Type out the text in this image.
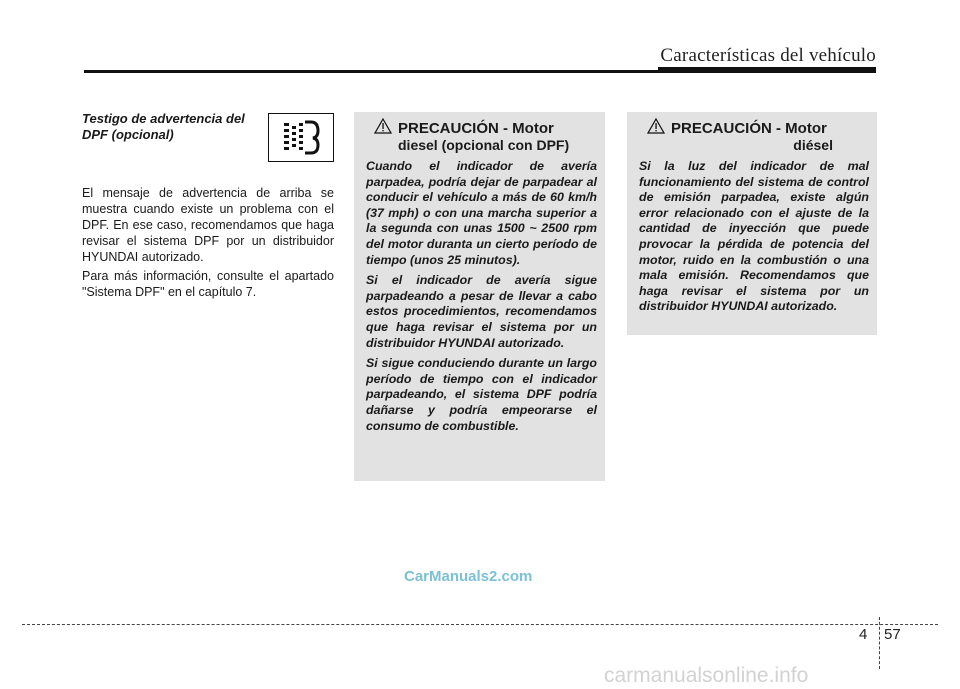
Características del vehículo
Testigo de advertencia del DPF (opcional)

El mensaje de advertencia de arriba se muestra cuando existe un problema con el DPF. En ese caso, recomendamos que haga revisar el sistema DPF por un distribuidor HYUNDAI autorizado.

Para más información, consulte el apartado "Sistema DPF" en el capítulo 7.

PRECAUCIÓN - Motor
diesel (opcional con DPF)

Cuando el indicador de avería parpadea, podría dejar de parpadear al conducir el vehículo a más de 60 km/h (37 mph) o con una marcha superior a la segunda con unas 1500 ~ 2500 rpm del motor duranta un cierto período de tiempo (unos 25 minutos).

Si el indicador de avería sigue parpadeando a pesar de llevar a cabo estos procedimientos, recomendamos que haga revisar el sistema por un distribuidor HYUNDAI autorizado.

Si sigue conduciendo durante un largo período de tiempo con el indicador parpadeando, el sistema DPF podría dañarse y podría empeorarse el consumo de combustible.

PRECAUCIÓN - Motor
diésel

Si la luz del indicador de mal funcionamiento del sistema de control de emisión parpadea, existe algún error relacionado con el ajuste de la cantidad de inyección que puede provocar la pérdida de potencia del motor, ruido en la combustión o una mala emisión. Recomendamos que haga revisar el sistema por un distribuidor HYUNDAI autorizado.

CarManuals2.com
4 57
carmanualsonline.info
